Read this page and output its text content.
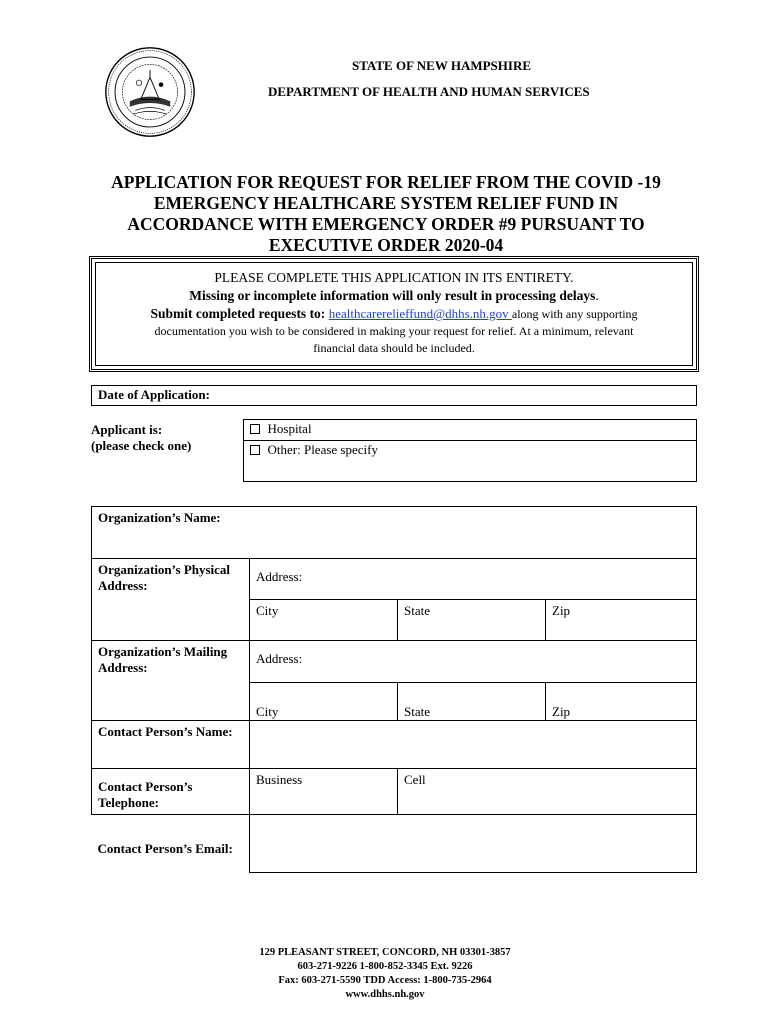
STATE OF NEW HAMPSHIRE
DEPARTMENT OF HEALTH AND HUMAN SERVICES
APPLICATION FOR REQUEST FOR RELIEF FROM THE COVID -19
EMERGENCY HEALTHCARE SYSTEM RELIEF FUND IN
ACCORDANCE WITH EMERGENCY ORDER #9 PURSUANT TO
EXECUTIVE ORDER 2020-04
PLEASE COMPLETE THIS APPLICATION IN ITS ENTIRETY.
Missing or incomplete information will only result in processing delays.
Submit completed requests to: healthcarerelieffund@dhhs.nh.gov along with any supporting
documentation you wish to be considered in making your request for relief. At a minimum, relevant
financial data should be included.
Date of Application:
Applicant is:
(please check one)
	Hospital
Other: Please specify
Organization’s Name:			
Organization’s Physical Address:	Address:		
	City	State	Zip
Organization’s Mailing Address:	Address:		
	City	State	Zip
Contact Person’s Name:			
Contact Person’s Telephone:	Business	Cell	
Contact Person’s Email:			
129 PLEASANT STREET, CONCORD, NH 03301-3857
603-271-9226 1-800-852-3345 Ext. 9226
Fax: 603-271-5590 TDD Access: 1-800-735-2964
www.dhhs.nh.gov
